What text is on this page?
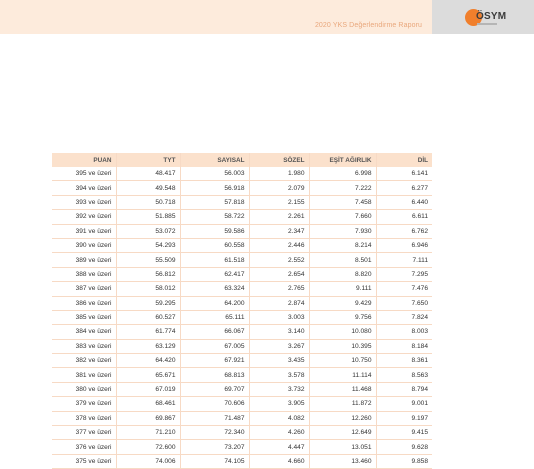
2020 YKS Değerlendirme Raporu
ÖSYM
PUAN	TYT	SAYISAL	SÖZEL	EŞİT AĞIRLIK	DİL
395 ve üzeri	48.417	56.003	1.980	6.998	6.141
394 ve üzeri	49.548	56.918	2.079	7.222	6.277
393 ve üzeri	50.718	57.818	2.155	7.458	6.440
392 ve üzeri	51.885	58.722	2.261	7.660	6.611
391 ve üzeri	53.072	59.586	2.347	7.930	6.762
390 ve üzeri	54.293	60.558	2.446	8.214	6.946
389 ve üzeri	55.509	61.518	2.552	8.501	7.111
388 ve üzeri	56.812	62.417	2.654	8.820	7.295
387 ve üzeri	58.012	63.324	2.765	9.111	7.476
386 ve üzeri	59.295	64.200	2.874	9.429	7.650
385 ve üzeri	60.527	65.111	3.003	9.756	7.824
384 ve üzeri	61.774	66.067	3.140	10.080	8.003
383 ve üzeri	63.129	67.005	3.267	10.395	8.184
382 ve üzeri	64.420	67.921	3.435	10.750	8.361
381 ve üzeri	65.671	68.813	3.578	11.114	8.563
380 ve üzeri	67.019	69.707	3.732	11.468	8.794
379 ve üzeri	68.461	70.606	3.905	11.872	9.001
378 ve üzeri	69.867	71.487	4.082	12.260	9.197
377 ve üzeri	71.210	72.340	4.260	12.649	9.415
376 ve üzeri	72.600	73.207	4.447	13.051	9.628
375 ve üzeri	74.006	74.105	4.660	13.460	9.858
